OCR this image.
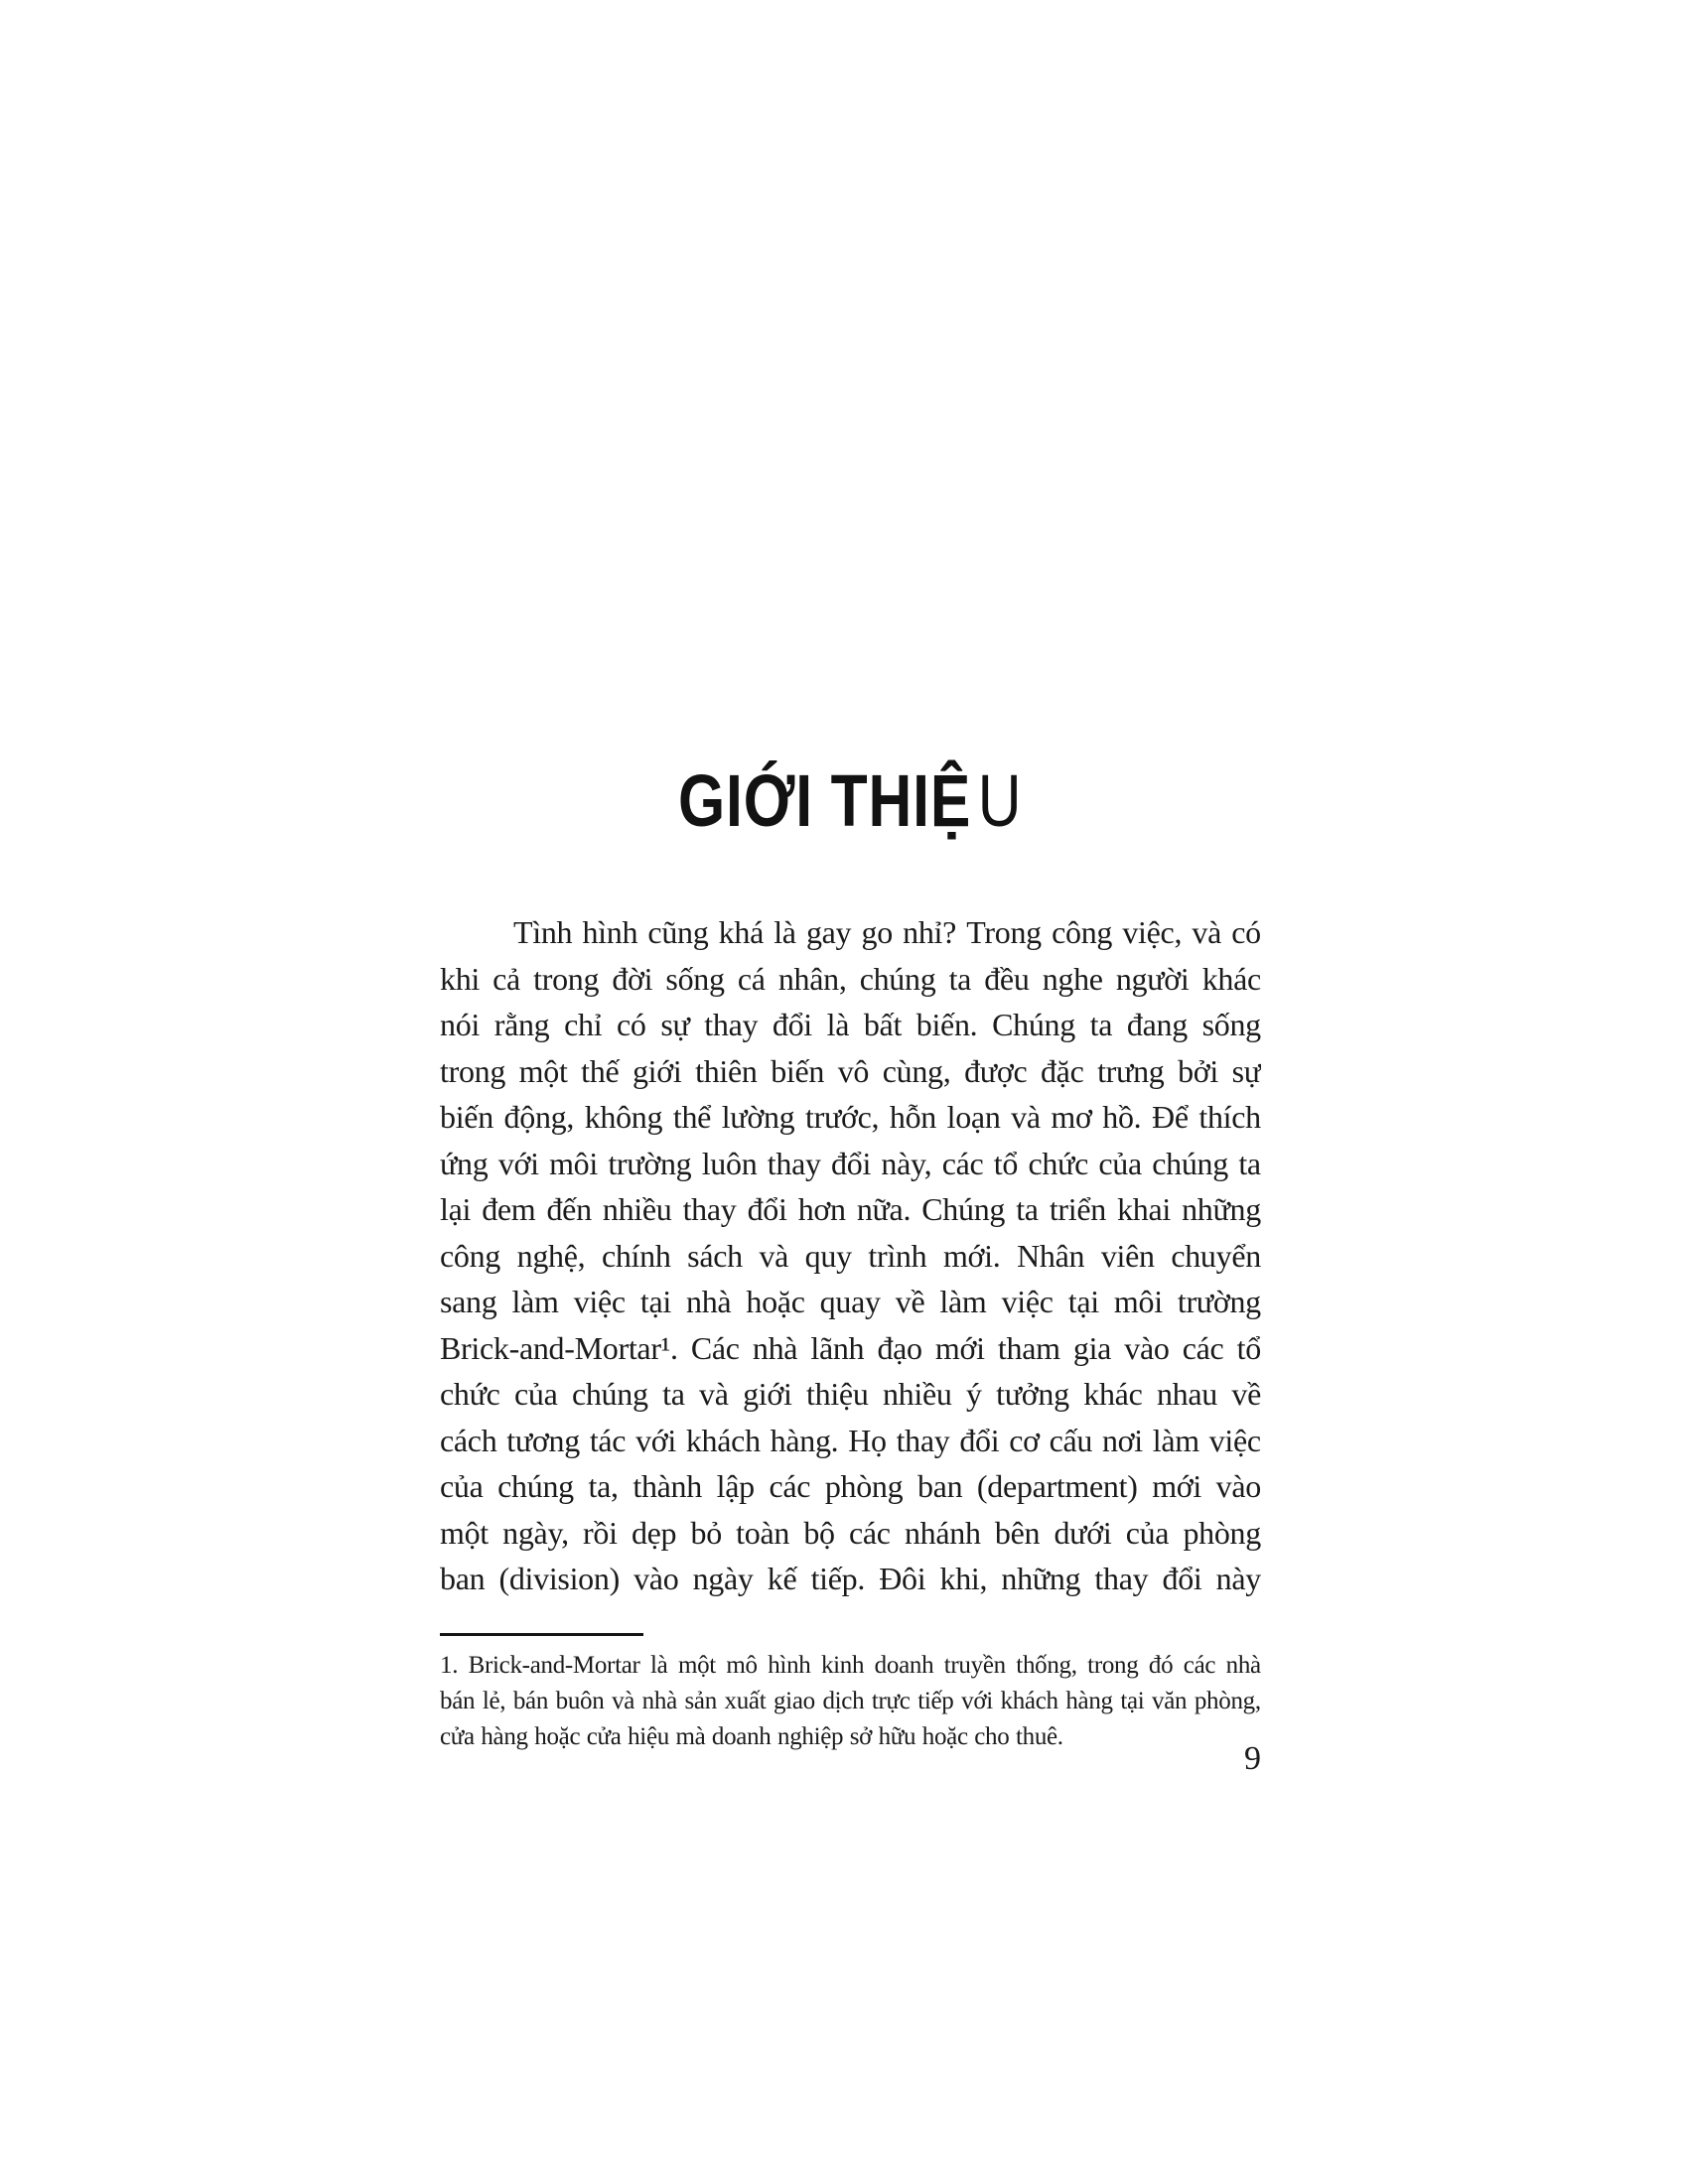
GIỚI THIỆ U
Tình hình cũng khá là gay go nhỉ? Trong công việc, và có
khi cả trong đời sống cá nhân, chúng ta đều nghe người khác
nói rằng chỉ có sự thay đổi là bất biến. Chúng ta đang sống
trong một thế giới thiên biến vô cùng, được đặc trưng bởi sự
biến động, không thể lường trước, hỗn loạn và mơ hồ. Để thích
ứng với môi trường luôn thay đổi này, các tổ chức của chúng ta
lại đem đến nhiều thay đổi hơn nữa. Chúng ta triển khai những
công nghệ, chính sách và quy trình mới. Nhân viên chuyển
sang làm việc tại nhà hoặc quay về làm việc tại môi trường
Brick-and-Mortar¹. Các nhà lãnh đạo mới tham gia vào các tổ
chức của chúng ta và giới thiệu nhiều ý tưởng khác nhau về
cách tương tác với khách hàng. Họ thay đổi cơ cấu nơi làm việc
của chúng ta, thành lập các phòng ban (department) mới vào
một ngày, rồi dẹp bỏ toàn bộ các nhánh bên dưới của phòng
ban (division) vào ngày kế tiếp. Đôi khi, những thay đổi này
1. Brick-and-Mortar là một mô hình kinh doanh truyền thống, trong đó các nhà
bán lẻ, bán buôn và nhà sản xuất giao dịch trực tiếp với khách hàng tại văn phòng,
cửa hàng hoặc cửa hiệu mà doanh nghiệp sở hữu hoặc cho thuê.
9
